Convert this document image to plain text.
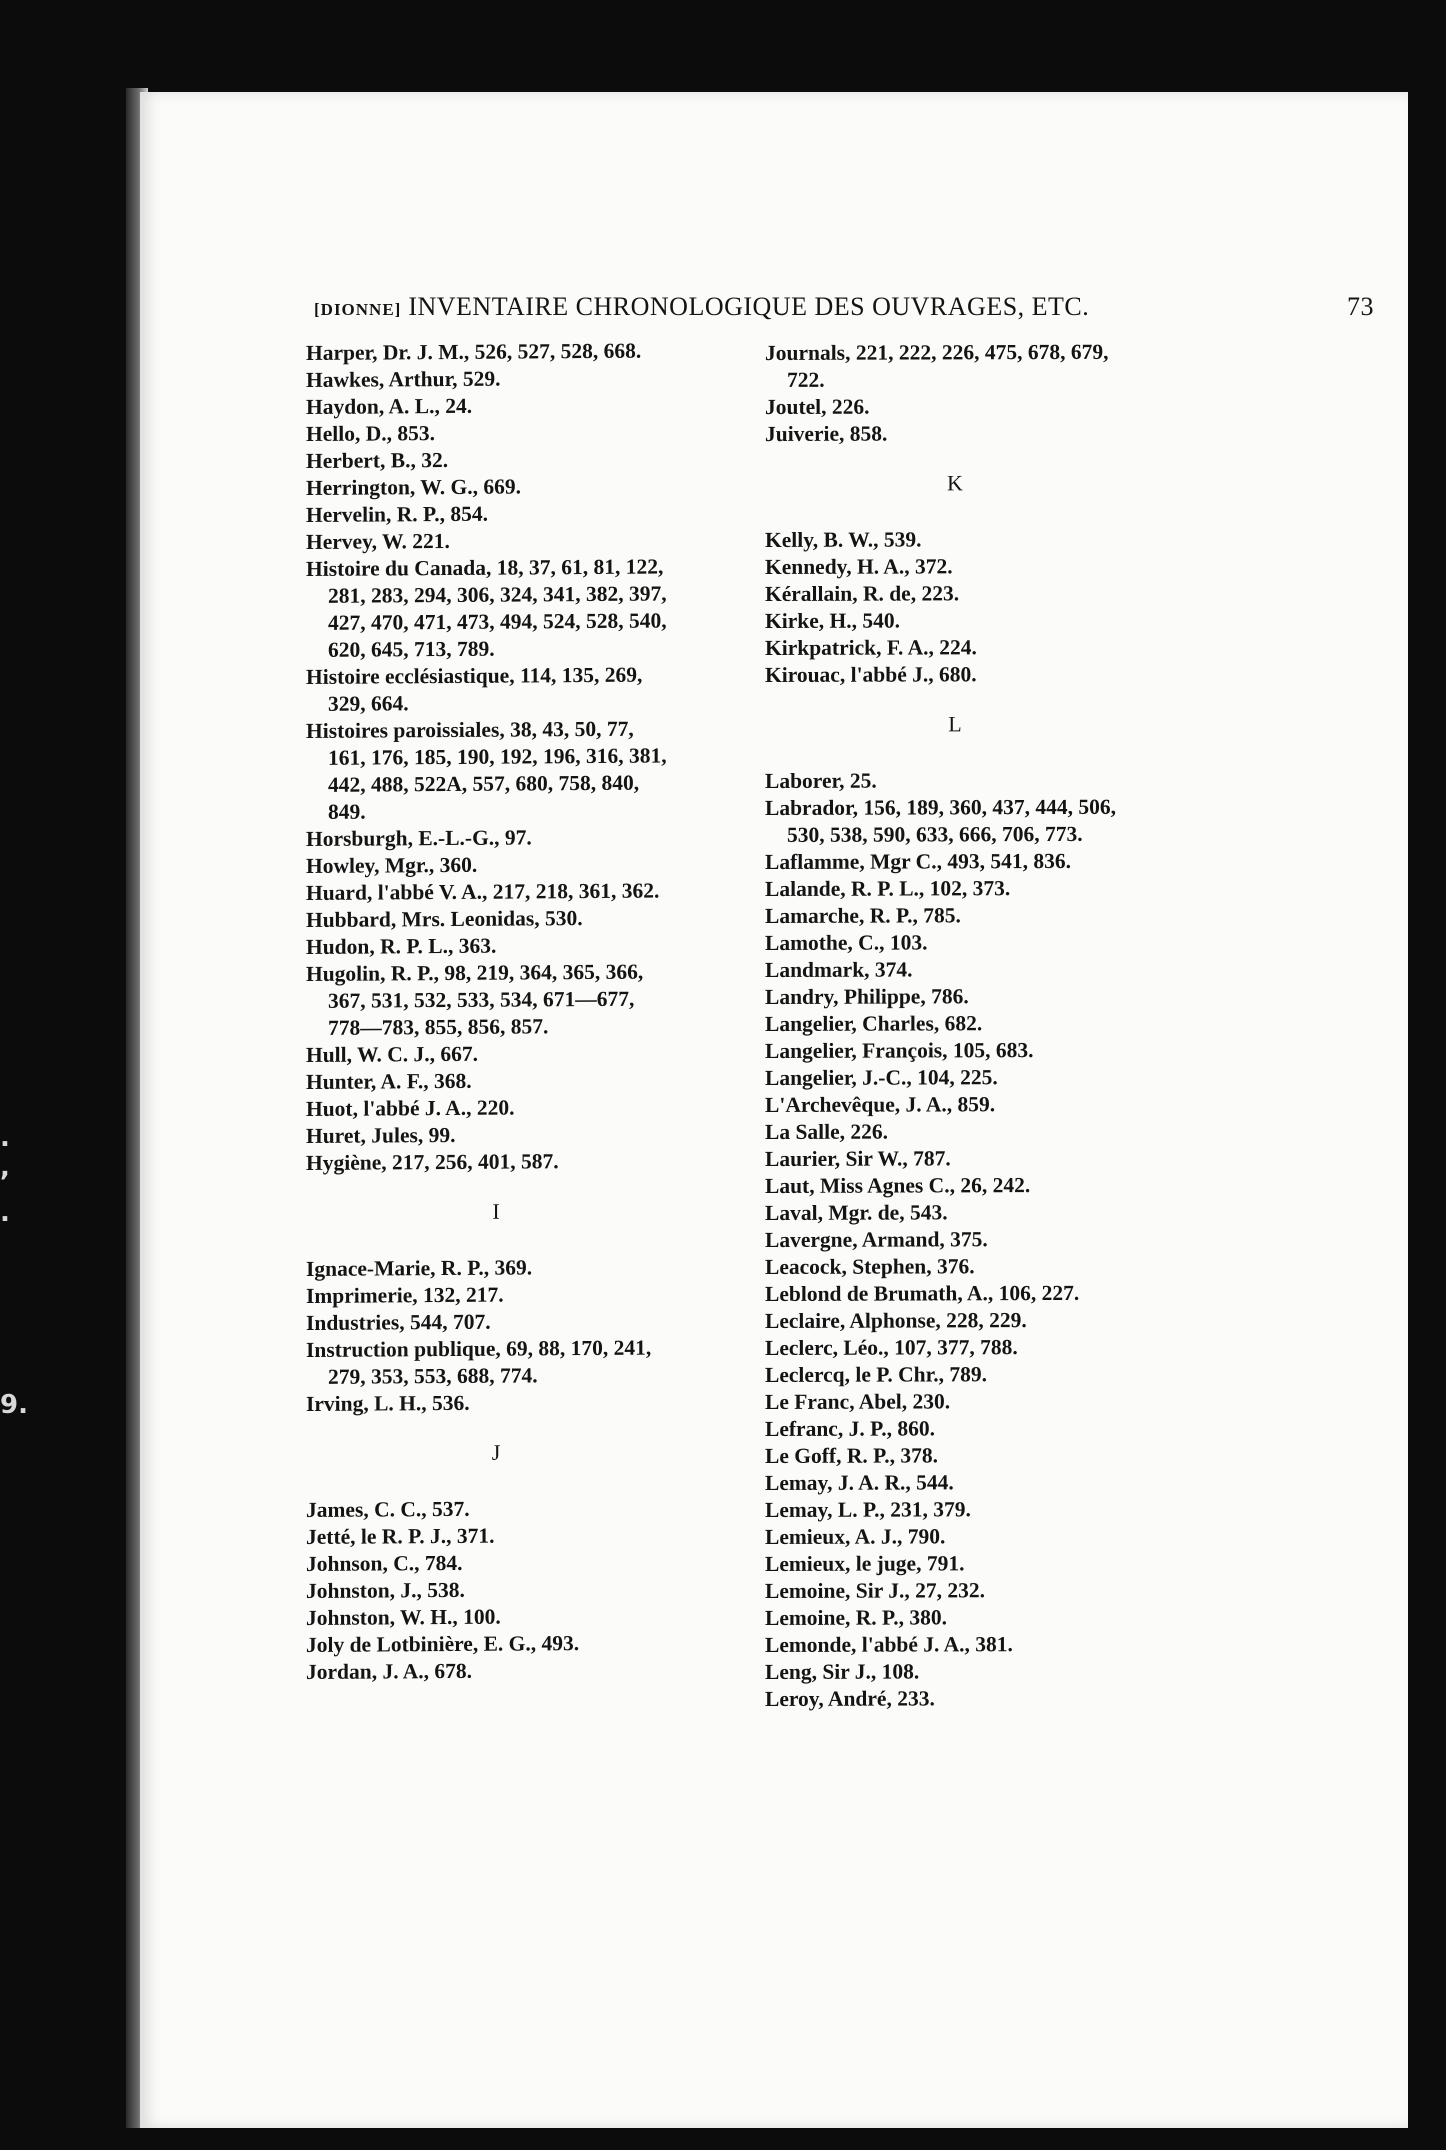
.
,
.
9.
[DIONNE] INVENTAIRE CHRONOLOGIQUE DES OUVRAGES, ETC.	73
Harper, Dr. J. M., 526, 527, 528, 668.
Hawkes, Arthur, 529.
Haydon, A. L., 24.
Hello, D., 853.
Herbert, B., 32.
Herrington, W. G., 669.
Hervelin, R. P., 854.
Hervey, W. 221.
Histoire du Canada, 18, 37, 61, 81, 122,
281, 283, 294, 306, 324, 341, 382, 397,
427, 470, 471, 473, 494, 524, 528, 540,
620, 645, 713, 789.
Histoire ecclésiastique, 114, 135, 269,
329, 664.
Histoires paroissiales, 38, 43, 50, 77,
161, 176, 185, 190, 192, 196, 316, 381,
442, 488, 522A, 557, 680, 758, 840,
849.
Horsburgh, E.-L.-G., 97.
Howley, Mgr., 360.
Huard, l'abbé V. A., 217, 218, 361, 362.
Hubbard, Mrs. Leonidas, 530.
Hudon, R. P. L., 363.
Hugolin, R. P., 98, 219, 364, 365, 366,
367, 531, 532, 533, 534, 671—677,
778—783, 855, 856, 857.
Hull, W. C. J., 667.
Hunter, A. F., 368.
Huot, l'abbé J. A., 220.
Huret, Jules, 99.
Hygiène, 217, 256, 401, 587.
I
Ignace-Marie, R. P., 369.
Imprimerie, 132, 217.
Industries, 544, 707.
Instruction publique, 69, 88, 170, 241,
279, 353, 553, 688, 774.
Irving, L. H., 536.
J
James, C. C., 537.
Jetté, le R. P. J., 371.
Johnson, C., 784.
Johnston, J., 538.
Johnston, W. H., 100.
Joly de Lotbinière, E. G., 493.
Jordan, J. A., 678.
Journals, 221, 222, 226, 475, 678, 679,
722.
Joutel, 226.
Juiverie, 858.
K
Kelly, B. W., 539.
Kennedy, H. A., 372.
Kérallain, R. de, 223.
Kirke, H., 540.
Kirkpatrick, F. A., 224.
Kirouac, l'abbé J., 680.
L
Laborer, 25.
Labrador, 156, 189, 360, 437, 444, 506,
530, 538, 590, 633, 666, 706, 773.
Laflamme, Mgr C., 493, 541, 836.
Lalande, R. P. L., 102, 373.
Lamarche, R. P., 785.
Lamothe, C., 103.
Landmark, 374.
Landry, Philippe, 786.
Langelier, Charles, 682.
Langelier, François, 105, 683.
Langelier, J.-C., 104, 225.
L'Archevêque, J. A., 859.
La Salle, 226.
Laurier, Sir W., 787.
Laut, Miss Agnes C., 26, 242.
Laval, Mgr. de, 543.
Lavergne, Armand, 375.
Leacock, Stephen, 376.
Leblond de Brumath, A., 106, 227.
Leclaire, Alphonse, 228, 229.
Leclerc, Léo., 107, 377, 788.
Leclercq, le P. Chr., 789.
Le Franc, Abel, 230.
Lefranc, J. P., 860.
Le Goff, R. P., 378.
Lemay, J. A. R., 544.
Lemay, L. P., 231, 379.
Lemieux, A. J., 790.
Lemieux, le juge, 791.
Lemoine, Sir J., 27, 232.
Lemoine, R. P., 380.
Lemonde, l'abbé J. A., 381.
Leng, Sir J., 108.
Leroy, André, 233.
